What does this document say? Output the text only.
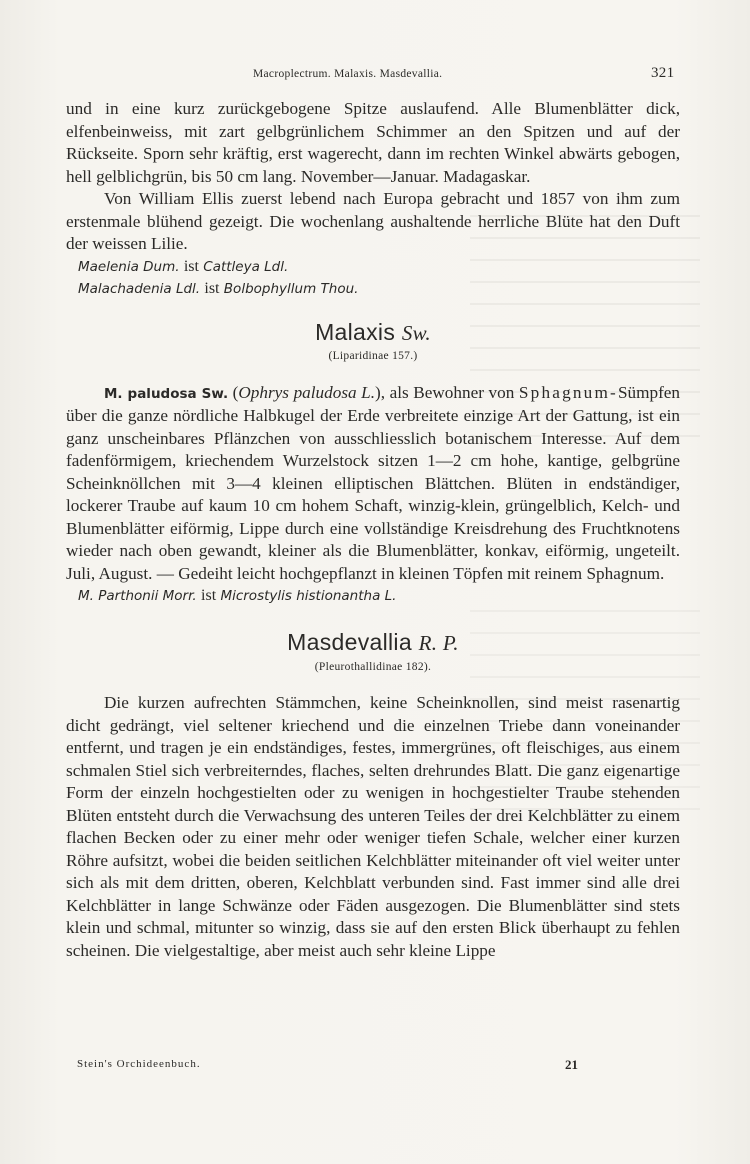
Macroplectrum. Malaxis. Masdevallia.	321

und in eine kurz zurückgebogene Spitze auslaufend. Alle Blumenblätter dick, elfenbeinweiss, mit zart gelbgrünlichem Schimmer an den Spitzen und auf der Rückseite. Sporn sehr kräftig, erst wagerecht, dann im rechten Winkel abwärts gebogen, hell gelblichgrün, bis 50 cm lang. November—Januar. Madagaskar.

Von William Ellis zuerst lebend nach Europa gebracht und 1857 von ihm zum erstenmale blühend gezeigt. Die wochenlang aushaltende herrliche Blüte hat den Duft der weissen Lilie.

Maelenia Dum. ist Cattleya Ldl.

Malachadenia Ldl. ist Bolbophyllum Thou.

Malaxis Sw.
(Liparidinae 157.)

M. paludosa Sw. (Ophrys paludosa L.), als Bewohner von Sphagnum-Sümpfen über die ganze nördliche Halbkugel der Erde verbreitete einzige Art der Gattung, ist ein ganz unscheinbares Pflänzchen von ausschliesslich botanischem Interesse. Auf dem fadenförmigem, kriechendem Wurzelstock sitzen 1—2 cm hohe, kantige, gelbgrüne Scheinknöllchen mit 3—4 kleinen elliptischen Blättchen. Blüten in endständiger, lockerer Traube auf kaum 10 cm hohem Schaft, winzig-klein, grüngelblich, Kelch- und Blumenblätter eiförmig, Lippe durch eine vollständige Kreisdrehung des Fruchtknotens wieder nach oben gewandt, kleiner als die Blumenblätter, konkav, eiförmig, ungeteilt. Juli, August. — Gedeiht leicht hochgepflanzt in kleinen Töpfen mit reinem Sphagnum.

M. Parthonii Morr. ist Microstylis histionantha L.

Masdevallia R. P.
(Pleurothallidinae 182).

Die kurzen aufrechten Stämmchen, keine Scheinknollen, sind meist rasenartig dicht gedrängt, viel seltener kriechend und die einzelnen Triebe dann voneinander entfernt, und tragen je ein endständiges, festes, immergrünes, oft fleischiges, aus einem schmalen Stiel sich verbreiterndes, flaches, selten drehrundes Blatt. Die ganz eigenartige Form der einzeln hochgestielten oder zu wenigen in hochgestielter Traube stehenden Blüten entsteht durch die Verwachsung des unteren Teiles der drei Kelchblätter zu einem flachen Becken oder zu einer mehr oder weniger tiefen Schale, welcher einer kurzen Röhre aufsitzt, wobei die beiden seitlichen Kelchblätter miteinander oft viel weiter unter sich als mit dem dritten, oberen, Kelchblatt verbunden sind. Fast immer sind alle drei Kelchblätter in lange Schwänze oder Fäden ausgezogen. Die Blumenblätter sind stets klein und schmal, mitunter so winzig, dass sie auf den ersten Blick überhaupt zu fehlen scheinen. Die vielgestaltige, aber meist auch sehr kleine Lippe

Stein's Orchideenbuch.	21
